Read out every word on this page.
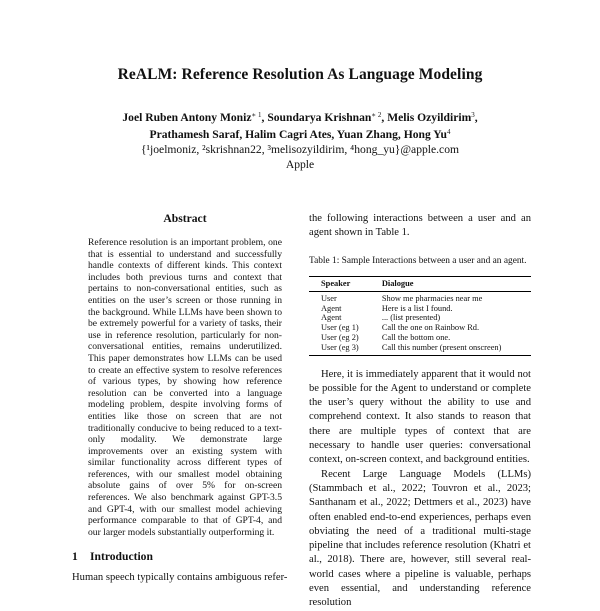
ReALM: Reference Resolution As Language Modeling
Joel Ruben Antony Moniz$^{∗ 1}$, Soundarya Krishnan$^{∗ 2}$, Melis Ozyildirim$^3$,
Prathamesh Saraf, Halim Cagri Ates, Yuan Zhang, Hong Yu$^4$
{¹joelmoniz, ²skrishnan22, ³melisozyildirim, ⁴hong_yu}@apple.com
Apple
Abstract

Reference resolution is an important problem, one that is essential to understand and successfully handle contexts of different kinds. This context includes both previous turns and context that pertains to non-conversational entities, such as entities on the user’s screen or those running in the background. While LLMs have been shown to be extremely powerful for a variety of tasks, their use in reference resolution, particularly for non-conversational entities, remains underutilized. This paper demonstrates how LLMs can be used to create an effective system to resolve references of various types, by showing how reference resolution can be converted into a language modeling problem, despite involving forms of entities like those on screen that are not traditionally conducive to being reduced to a text-only modality. We demonstrate large improvements over an existing system with similar functionality across different types of references, with our smallest model obtaining absolute gains of over 5% for on-screen references. We also benchmark against GPT-3.5 and GPT-4, with our smallest model achieving performance comparable to that of GPT-4, and our larger models substantially outperforming it.

1 Introduction
Human speech typically contains ambiguous refer-

the following interactions between a user and an agent shown in Table 1.

Table 1: Sample Interactions between a user and an agent.

Speaker	Dialogue
User	Show me pharmacies near me
Agent	Here is a list I found.
Agent	... (list presented)
User (eg 1)	Call the one on Rainbow Rd.
User (eg 2)	Call the bottom one.
User (eg 3)	Call this number (present onscreen)

Here, it is immediately apparent that it would not be possible for the Agent to understand or complete the user’s query without the ability to use and comprehend context. It also stands to reason that there are multiple types of context that are necessary to handle user queries: conversational context, on-screen context, and background entities.

Recent Large Language Models (LLMs) (Stammbach et al., 2022; Touvron et al., 2023; Santhanam et al., 2022; Dettmers et al., 2023) have often enabled end-to-end experiences, perhaps even obviating the need of a traditional multi-stage pipeline that includes reference resolution (Khatri et al., 2018). There are, however, still several real-world cases where a pipeline is valuable, perhaps even essential, and understanding reference resolution
